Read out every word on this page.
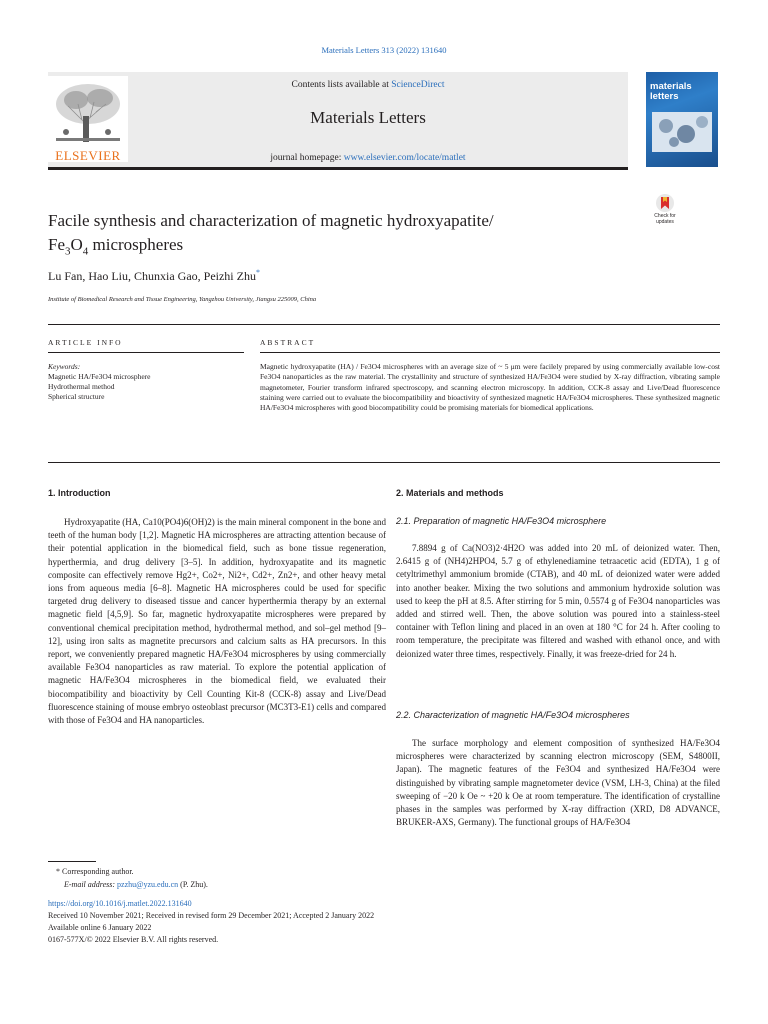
Materials Letters 313 (2022) 131640
ELSEVIER
Contents lists available at ScienceDirect
Materials Letters
journal homepage: www.elsevier.com/locate/matlet
materials letters
Check for updates
Facile synthesis and characterization of magnetic hydroxyapatite/
$Fe_3O_4$ microspheres
Lu Fan, Hao Liu, Chunxia Gao, Peizhi Zhu*
Institute of Biomedical Research and Tissue Engineering, Yangzhou University, Jiangsu 225009, China
ARTICLE INFO	ABSTRACT
Keywords:
Magnetic HA/Fe3O4 microsphere
Hydrothermal method
Spherical structure
Magnetic hydroxyapatite (HA) / Fe3O4 microspheres with an average size of ~ 5 μm were facilely prepared by using commercially available low-cost Fe3O4 nanoparticles as the raw material. The crystallinity and structure of synthesized HA/Fe3O4 were studied by X-ray diffraction, vibrating sample magnetometer, Fourier transform infrared spectroscopy, and scanning electron microscopy. In addition, CCK-8 assay and Live/Dead fluorescence staining were carried out to evaluate the biocompatibility and bioactivity of synthesized magnetic HA/Fe3O4 microspheres. These synthesized magnetic HA/Fe3O4 microspheres with good biocompatibility could be promising materials for biomedical applications.
1. Introduction
Hydroxyapatite (HA, Ca10(PO4)6(OH)2) is the main mineral component in the bone and teeth of the human body [1,2]. Magnetic HA microspheres are attracting attention because of their potential application in the biomedical field, such as bone tissue regeneration, hyperthermia, and drug delivery [3–5]. In addition, hydroxyapatite and its magnetic composite can effectively remove Hg2+, Co2+, Ni2+, Cd2+, Zn2+, and other heavy metal ions from aqueous media [6–8]. Magnetic HA microspheres could be used for specific targeted drug delivery to diseased tissue and cancer hyperthermia therapy by an external magnetic field [4,5,9]. So far, magnetic hydroxyapatite microspheres were prepared by conventional chemical precipitation method, hydrothermal method, and sol–gel method [9–12], using iron salts as magnetite precursors and calcium salts as HA precursors. In this report, we conveniently prepared magnetic HA/Fe3O4 microspheres by using commercially available Fe3O4 nanoparticles as raw material. To explore the potential application of magnetic HA/Fe3O4 microspheres in the biomedical field, we evaluated their biocompatibility and bioactivity by Cell Counting Kit-8 (CCK-8) assay and Live/Dead fluorescence staining of mouse embryo osteoblast precursor (MC3T3-E1) cells and compared with those of Fe3O4 and HA nanoparticles.
2. Materials and methods
2.1. Preparation of magnetic HA/Fe3O4 microsphere
7.8894 g of Ca(NO3)2·4H2O was added into 20 mL of deionized water. Then, 2.6415 g of (NH4)2HPO4, 5.7 g of ethylenediamine tetraacetic acid (EDTA), 1 g of cetyltrimethyl ammonium bromide (CTAB), and 40 mL of deionized water were added into another beaker. Mixing the two solutions and ammonium hydroxide solution was used to keep the pH at 8.5. After stirring for 5 min, 0.5574 g of Fe3O4 nanoparticles was added and stirred well. Then, the above solution was poured into a stainless-steel container with Teflon lining and placed in an oven at 180 °C for 24 h. After cooling to room temperature, the precipitate was filtered and washed with ethanol once, and with deionized water three times, respectively. Finally, it was freeze-dried for 24 h.
2.2. Characterization of magnetic HA/Fe3O4 microspheres
The surface morphology and element composition of synthesized HA/Fe3O4 microspheres were characterized by scanning electron microscopy (SEM, S4800II, Japan). The magnetic features of the Fe3O4 and synthesized HA/Fe3O4 were distinguished by vibrating sample magnetometer device (VSM, LH-3, China) at the filed sweeping of −20 k Oe ~ +20 k Oe at room temperature. The identification of crystalline phases in the samples was performed by X-ray diffraction (XRD, D8 ADVANCE, BRUKER-AXS, Germany). The functional groups of HA/Fe3O4
* Corresponding author.
E-mail address: pzzhu@yzu.edu.cn (P. Zhu).
https://doi.org/10.1016/j.matlet.2022.131640
Received 10 November 2021; Received in revised form 29 December 2021; Accepted 2 January 2022
Available online 6 January 2022
0167-577X/© 2022 Elsevier B.V. All rights reserved.
